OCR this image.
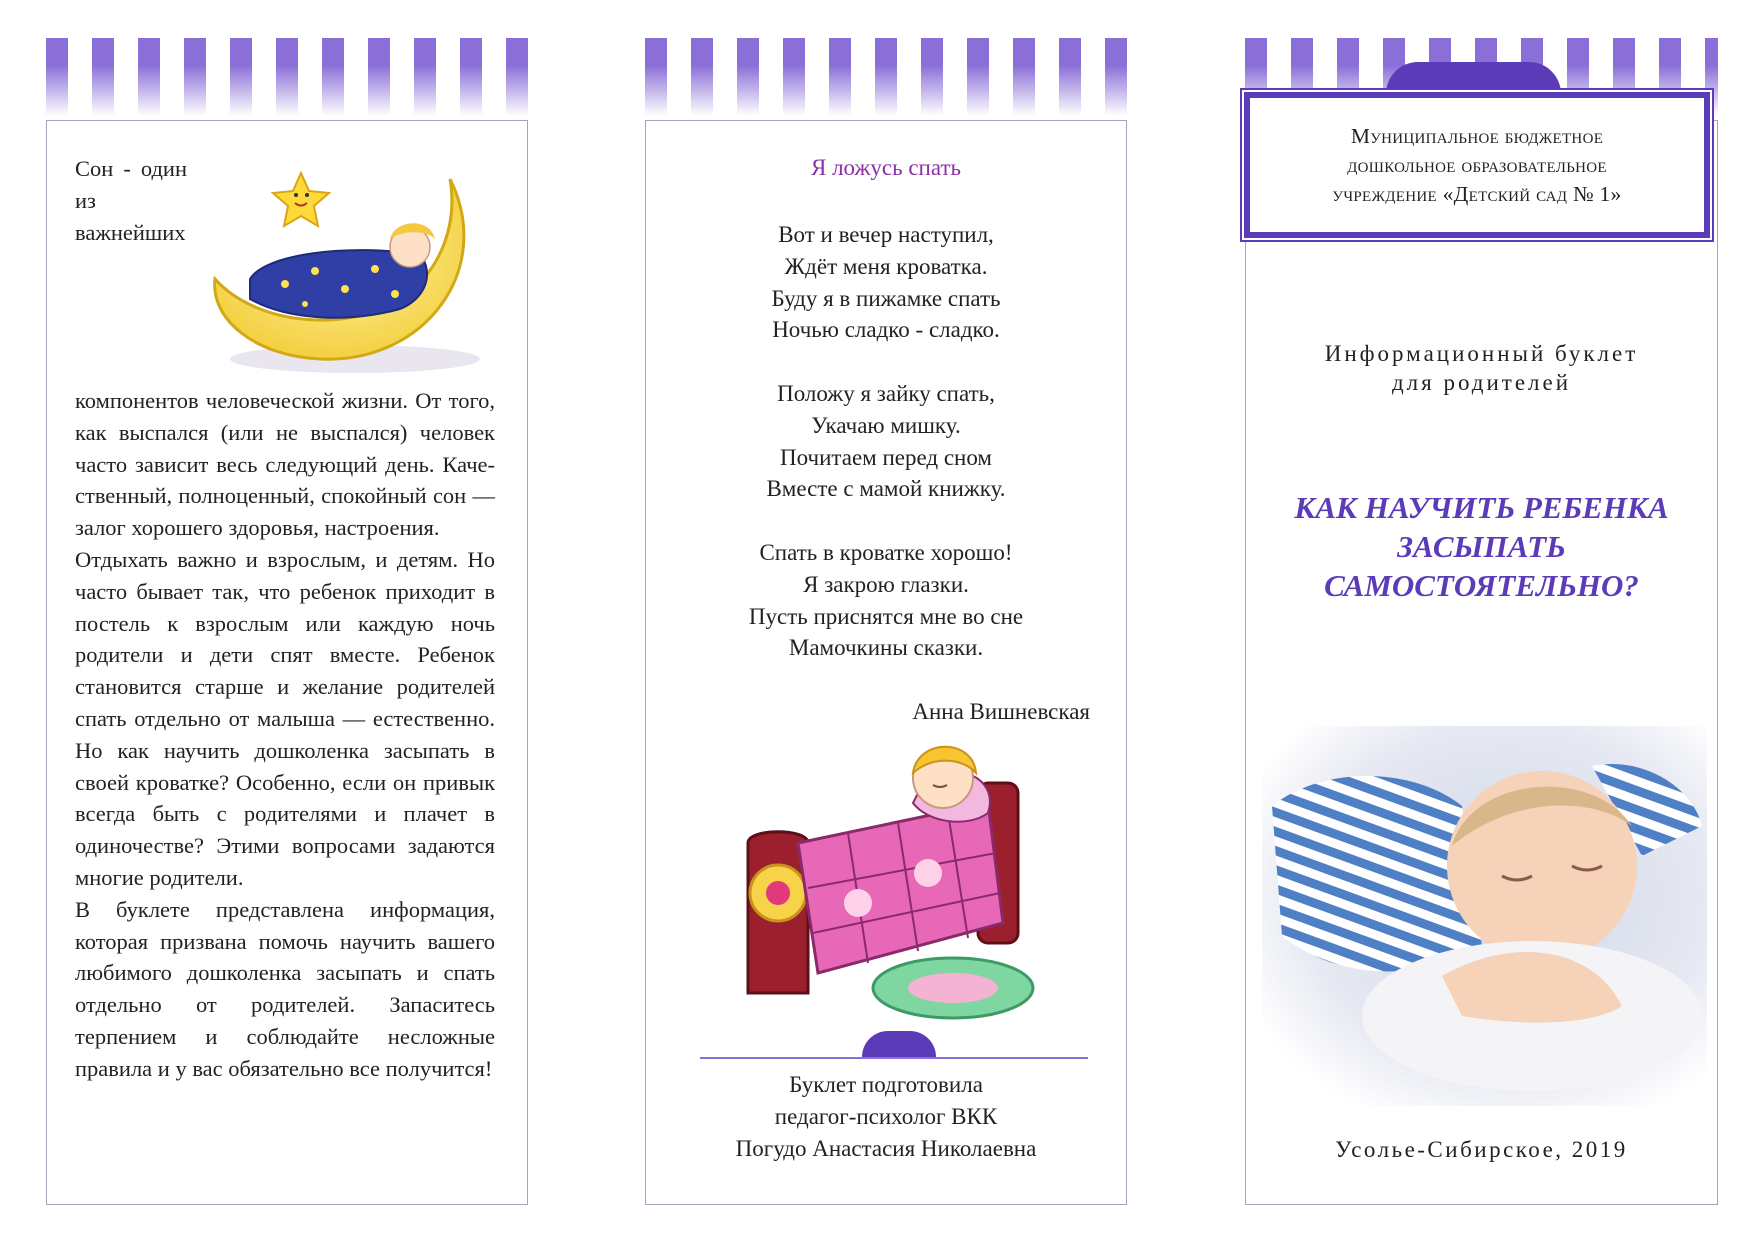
Сон - один из важнейших компонентов человеческой жизни. От того, как выспался (или не выспался) человек часто зависит весь следующий день. Качественный, полноценный, спокойный сон — залог хорошего здоровья, настроения.

Отдыхать важно и взрослым, и детям. Но часто бывает так, что ребенок приходит в постель к взрослым или каждую ночь родители и дети спят вместе. Ребенок становится старше и желание родителей спать отдельно от малыша — естественно. Но как научить дошколенка засыпать в своей кроватке? Особенно, если он привык всегда быть с родителями и плачет в одиночестве? Этими вопросами задаются многие родители.

В буклете представлена информация, которая призвана помочь научить вашего любимого дошколенка засыпать и спать отдельно от родителей. Запаситесь терпением и соблюдайте несложные правила и у вас обязательно все получится!

Я ложусь спать
Вот и вечер наступил,
Ждёт меня кроватка.
Буду я в пижамке спать
Ночью сладко - сладко.
Положу я зайку спать,
Укачаю мишку.
Почитаем перед сном
Вместе с мамой книжку.
Спать в кроватке хорошо!
Я закрою глазки.
Пусть приснятся мне во сне
Мамочкины сказки.
Анна Вишневская
Буклет подготовила
педагог-психолог ВКК
Погудо Анастасия Николаевна
Информационный буклет
для родителей
КАК НАУЧИТЬ РЕБЕНКА
ЗАСЫПАТЬ
САМОСТОЯТЕЛЬНО?
Усолье-Сибирское, 2019
Муниципальное бюджетное
дошкольное образовательное
учреждение «Детский сад № 1»
